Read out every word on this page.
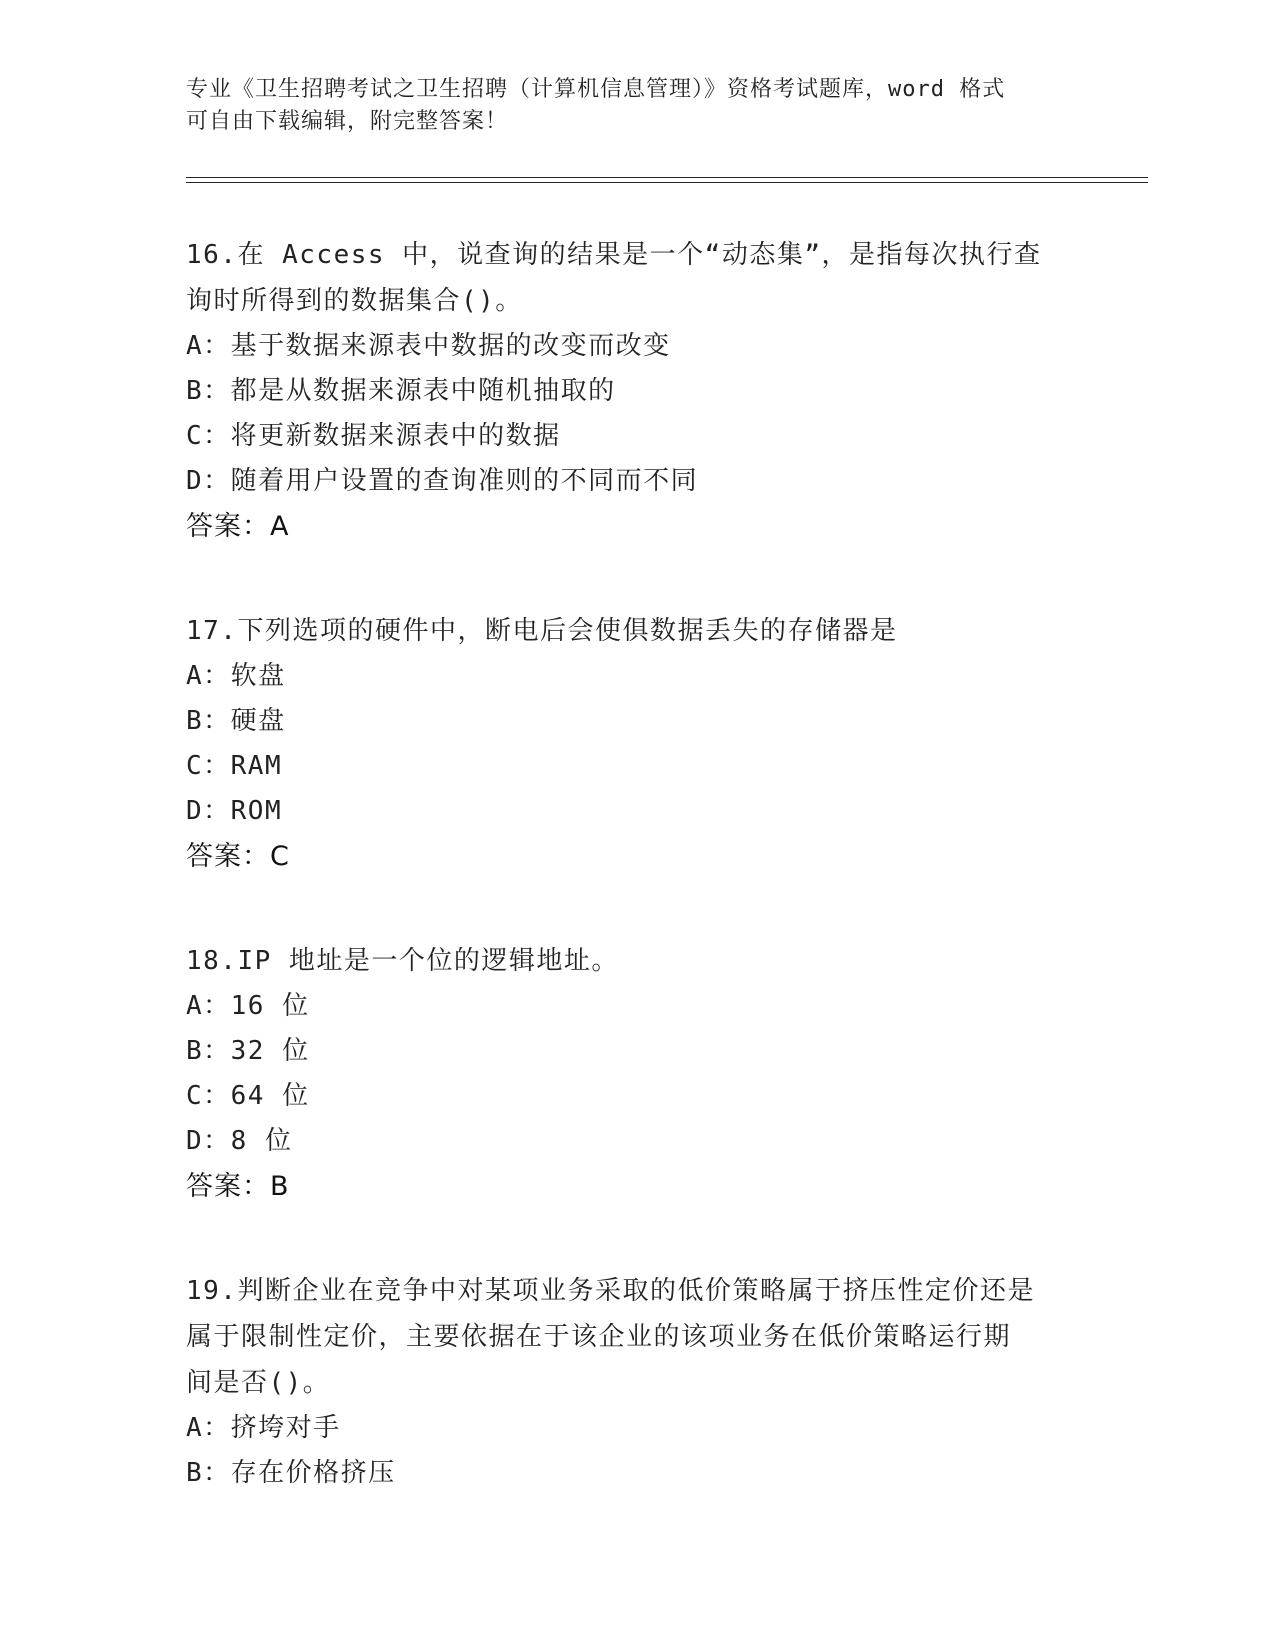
专业《卫生招聘考试之卫生招聘（计算机信息管理）》资格考试题库，word 格式
可自由下载编辑，附完整答案！
16.在 Access 中，说查询的结果是一个“动态集”，是指每次执行查
询时所得到的数据集合()。
A：基于数据来源表中数据的改变而改变
B：都是从数据来源表中随机抽取的
C：将更新数据来源表中的数据
D：随着用户设置的查询准则的不同而不同
答案：A
17.下列选项的硬件中，断电后会使俱数据丢失的存储器是
A：软盘
B：硬盘
C：RAM
D：ROM
答案：C
18.IP 地址是一个位的逻辑地址。
A：16 位
B：32 位
C：64 位
D：8 位
答案：B
19.判断企业在竞争中对某项业务采取的低价策略属于挤压性定价还是
属于限制性定价，主要依据在于该企业的该项业务在低价策略运行期
间是否()。
A：挤垮对手
B：存在价格挤压
